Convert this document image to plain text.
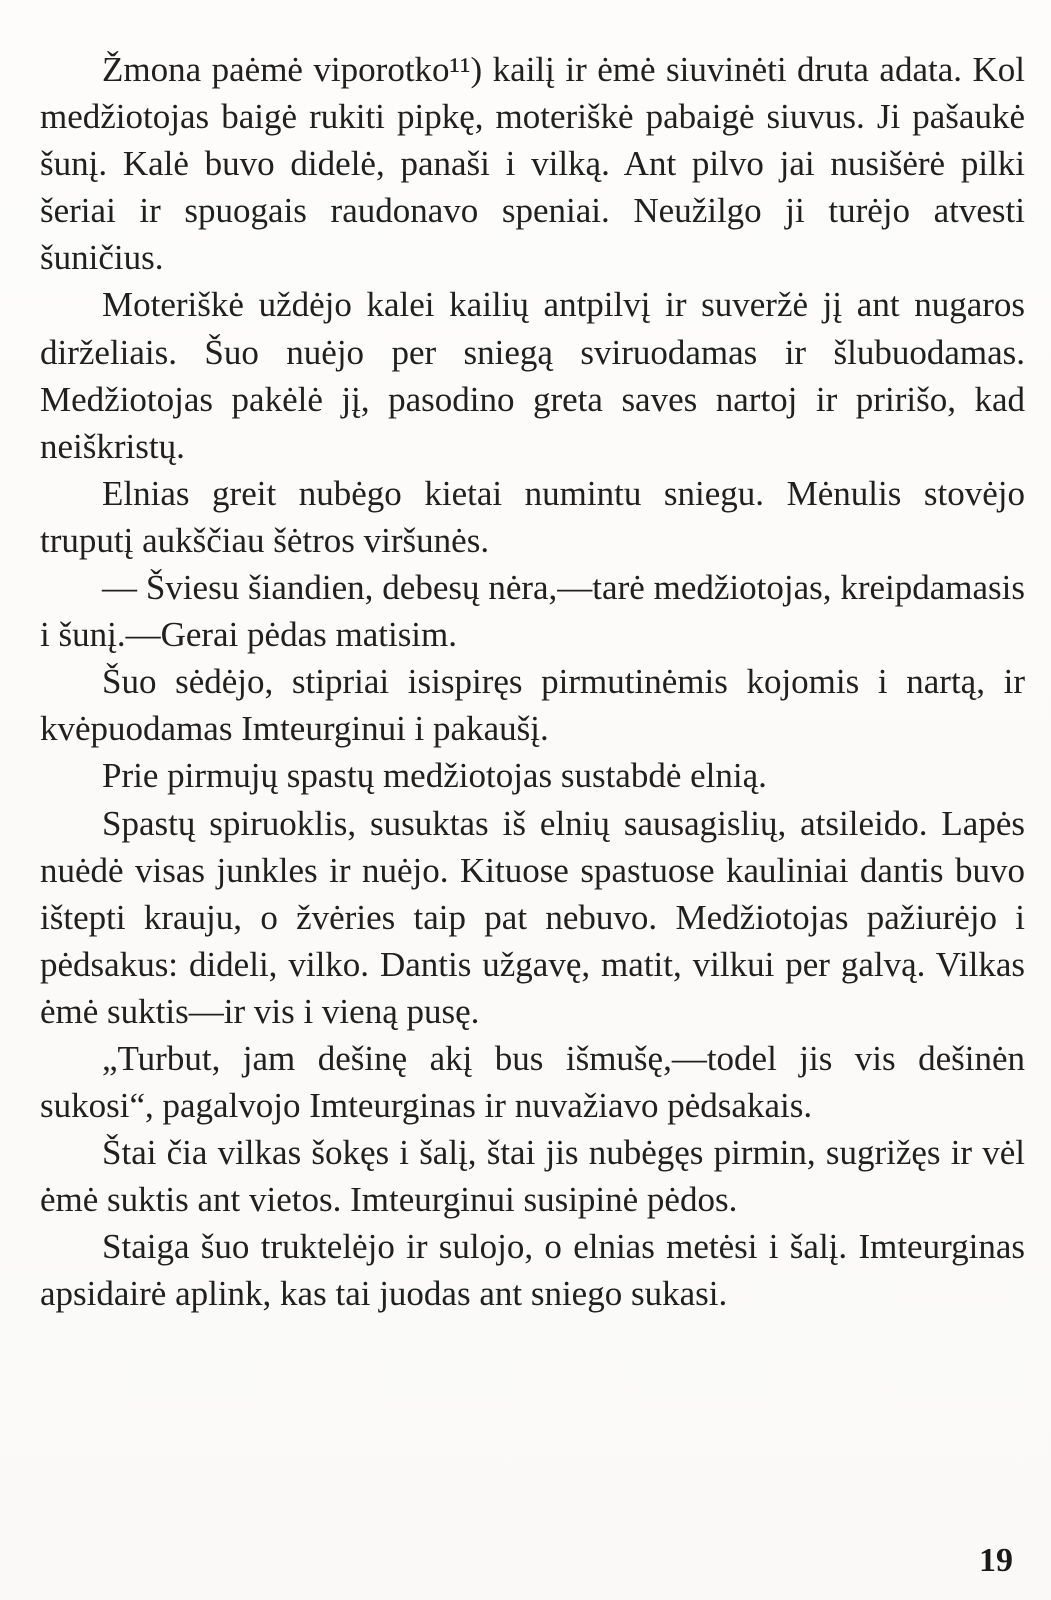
Žmona paėmė viporotko¹¹) kailį ir ėmė siuvinėti druta adata. Kol medžiotojas baigė rukiti pipkę, moteriškė pabaigė siuvus. Ji pašaukė šunį. Kalė buvo didelė, panaši i vilką. Ant pilvo jai nusišėrė pilki šeriai ir spuogais raudonavo speniai. Neužilgo ji turėjo atvesti šuničius.

Moteriškė uždėjo kalei kailių antpilvį ir suveržė jį ant nugaros dirželiais. Šuo nuėjo per sniegą sviruodamas ir šlubuodamas. Medžiotojas pakėlė jį, pasodino greta saves nartoj ir pririšo, kad neiškristų.

Elnias greit nubėgo kietai numintu sniegu. Mėnulis stovėjo truputį aukščiau šėtros viršunės.

— Šviesu šiandien, debesų nėra,—tarė medžiotojas, kreipdamasis i šunį.—Gerai pėdas matisim.

Šuo sėdėjo, stipriai isispiręs pirmutinėmis kojomis i nartą, ir kvėpuodamas Imteurginui i pakaušį.

Prie pirmujų spastų medžiotojas sustabdė elnią.

Spastų spiruoklis, susuktas iš elnių sausagislių, atsileido. Lapės nuėdė visas junkles ir nuėjo. Kituose spastuose kauliniai dantis buvo ištepti krauju, o žvėries taip pat nebuvo. Medžiotojas pažiurėjo i pėdsakus: dideli, vilko. Dantis užgavę, matit, vilkui per galvą. Vilkas ėmė suktis—ir vis i vieną pusę.

„Turbut, jam dešinę akį bus išmušę,—todel jis vis dešinėn sukosi“, pagalvojo Imteurginas ir nuvažiavo pėdsakais.

Štai čia vilkas šokęs i šalį, štai jis nubėgęs pirmin, sugrižęs ir vėl ėmė suktis ant vietos. Imteurginui susipinė pėdos.

Staiga šuo truktelėjo ir sulojo, o elnias metėsi i šalį. Imteurginas apsidairė aplink, kas tai juodas ant sniego sukasi.

19
